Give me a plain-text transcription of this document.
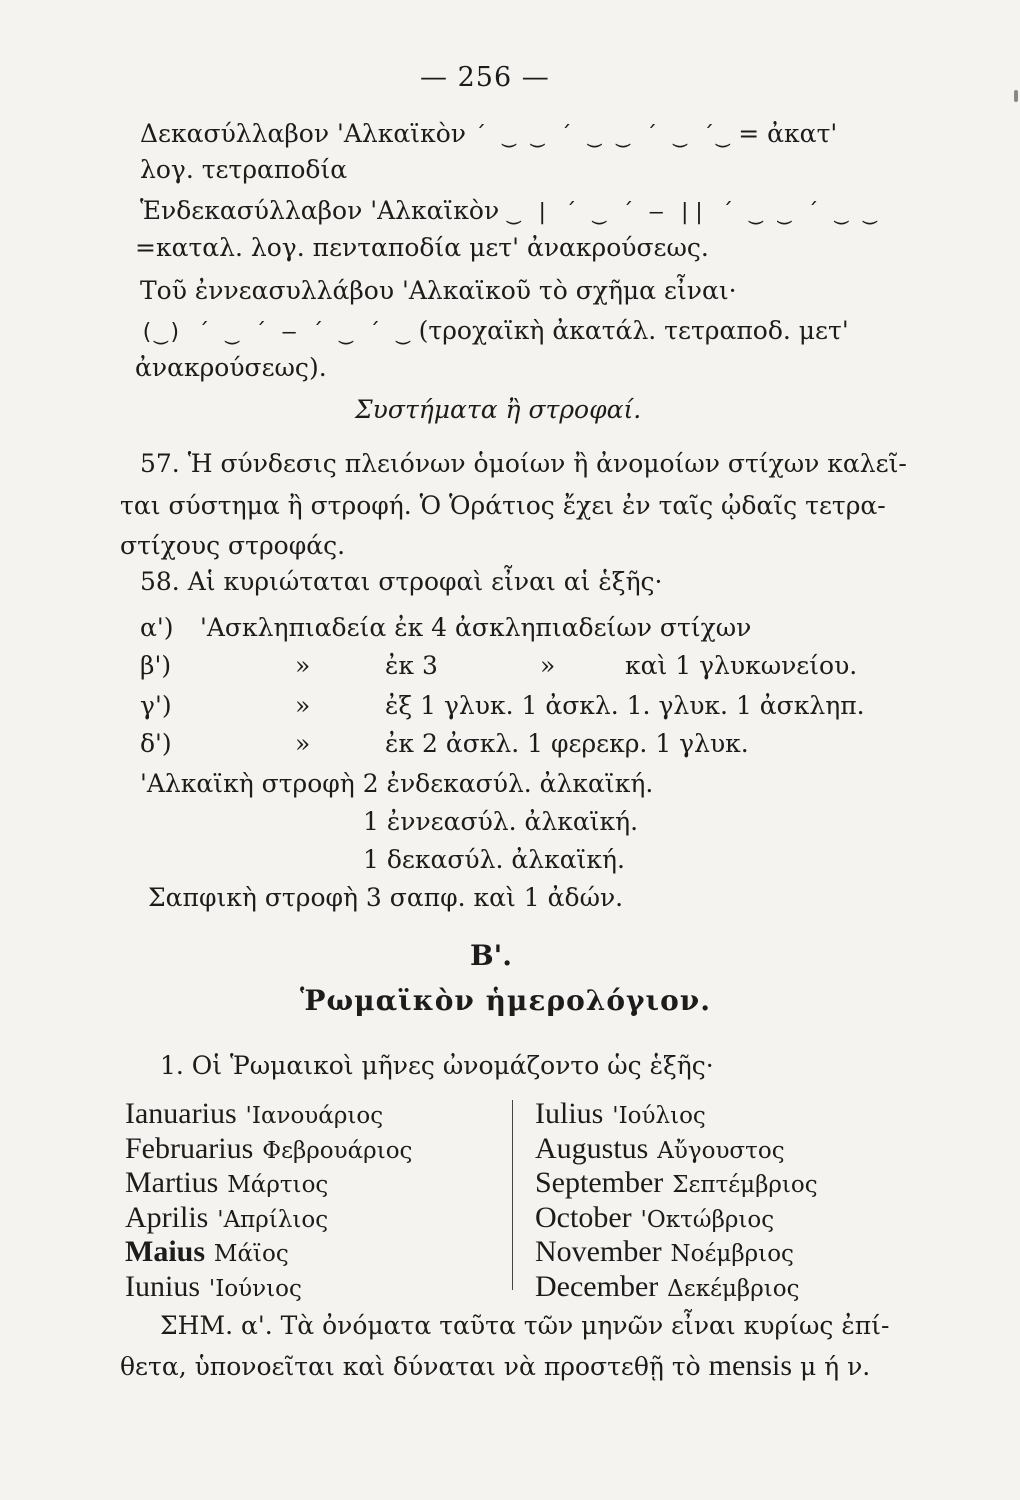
— 256 —
Δεκασύλλαβον 'Αλκαϊκὸν ´ ‿ ‿ ´ ‿ ‿ ´ ‿ ´‿ = ἀκατ'
λογ. τετραποδία
Ἑνδεκασύλλαβον 'Αλκαϊκὸν ‿ | ´ ‿ ´ — || ´ ‿ ‿ ´ ‿ ‿
=καταλ. λογ. πενταποδία μετ' ἀνακρούσεως.
Τοῦ ἐννεασυλλάβου 'Αλκαϊκοῦ τὸ σχῆμα εἶναι·
(‿) ´ ‿ ´ — ´ ‿ ´ ‿ (τροχαϊκὴ ἀκατάλ. τετραποδ. μετ'
ἀνακρούσεως).
Συστήματα ἢ στροφαί.
57. Ἡ σύνδεσις πλειόνων ὁμοίων ἢ ἀνομοίων στίχων καλεῖ-
ται σύστημα ἢ στροφή. Ὁ Ὁράτιος ἔχει ἐν ταῖς ᾠδαῖς τετρα-
στίχους στροφάς.
58. Αἱ κυριώταται στροφαὶ εἶναι αἱ ἑξῆς·
α') 'Ασκληπιαδεία ἐκ 4 ἀσκληπιαδείων στίχων
β')	»	ἐκ 3	»	καὶ 1 γλυκωνείου.
γ')	»	ἐξ 1 γλυκ. 1 ἀσκλ. 1. γλυκ. 1 ἀσκληπ.
δ')	»	ἐκ 2 ἀσκλ. 1 φερεκρ. 1 γλυκ.
'Αλκαϊκὴ στροφὴ 2 ἐνδεκασύλ. ἀλκαϊκή.
1 ἐννεασύλ. ἀλκαϊκή.
1 δεκασύλ. ἀλκαϊκή.
Σαπφικὴ στροφὴ 3 σαπφ. καὶ 1 ἀδών.
Β'.
Ῥωμαϊκὸν ἡμερολόγιον.
1. Οἱ Ῥωμαικοὶ μῆνες ὠνομάζοντο ὡς ἑξῆς·
Ianuarius 'Ιανουάριος
Februarius Φεβρουάριος
Martius Μάρτιος
Aprilis 'Απρίλιος
Maius Μάϊος
Iunius 'Ιούνιος
Iulius 'Ιούλιος
Augustus Αὔγουστος
September Σεπτέμβριος
October 'Οκτώβριος
November Νοέμβριος
December Δεκέμβριος
ΣΗΜ. α'. Τὰ ὀνόματα ταῦτα τῶν μηνῶν εἶναι κυρίως ἐπί-
θετα, ὑπονοεῖται καὶ δύναται νὰ προστεθῇ τὸ mensis μ ή ν.
